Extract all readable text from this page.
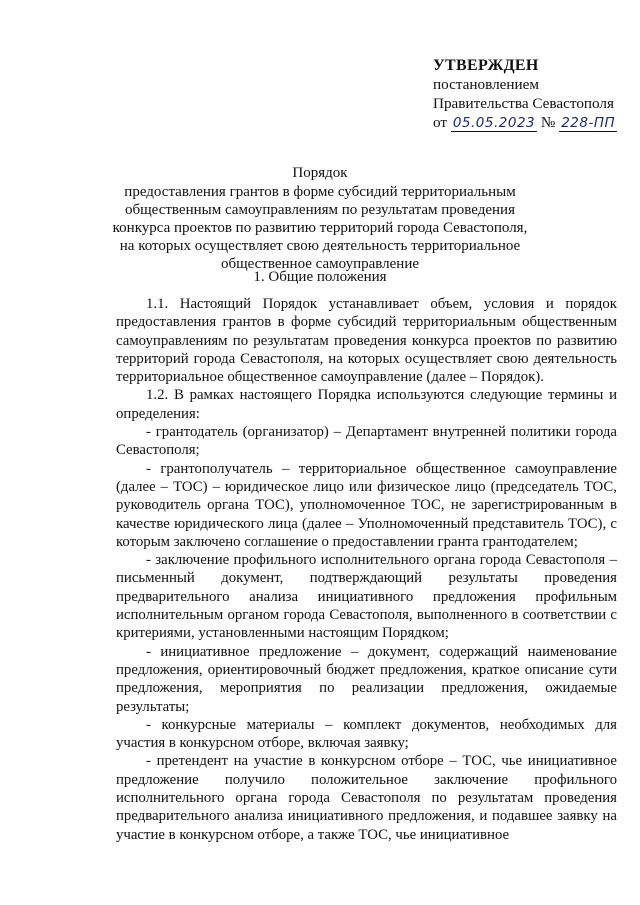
УТВЕРЖДЕН
постановлением
Правительства Севастополя
от 05.05.2023 № 228-ПП
Порядок
предоставления грантов в форме субсидий территориальным общественным самоуправлениям по результатам проведения конкурса проектов по развитию территорий города Севастополя, на которых осуществляет свою деятельность территориальное общественное самоуправление
1. Общие положения

1.1. Настоящий Порядок устанавливает объем, условия и порядок предоставления грантов в форме субсидий территориальным общественным самоуправлениям по результатам проведения конкурса проектов по развитию территорий города Севастополя, на которых осуществляет свою деятельность территориальное общественное самоуправление (далее – Порядок).

1.2. В рамках настоящего Порядка используются следующие термины и определения:

- грантодатель (организатор) – Департамент внутренней политики города Севастополя;

- грантополучатель – территориальное общественное самоуправление (далее – ТОС) – юридическое лицо или физическое лицо (председатель ТОС, руководитель органа ТОС), уполномоченное ТОС, не зарегистрированным в качестве юридического лица (далее – Уполномоченный представитель ТОС), с которым заключено соглашение о предоставлении гранта грантодателем;

- заключение профильного исполнительного органа города Севастополя – письменный документ, подтверждающий результаты проведения предварительного анализа инициативного предложения профильным исполнительным органом города Севастополя, выполненного в соответствии с критериями, установленными настоящим Порядком;

- инициативное предложение – документ, содержащий наименование предложения, ориентировочный бюджет предложения, краткое описание сути предложения, мероприятия по реализации предложения, ожидаемые результаты;

- конкурсные материалы – комплект документов, необходимых для участия в конкурсном отборе, включая заявку;

- претендент на участие в конкурсном отборе – ТОС, чье инициативное предложение получило положительное заключение профильного исполнительного органа города Севастополя по результатам проведения предварительного анализа инициативного предложения, и подавшее заявку на участие в конкурсном отборе, а также ТОС, чье инициативное
